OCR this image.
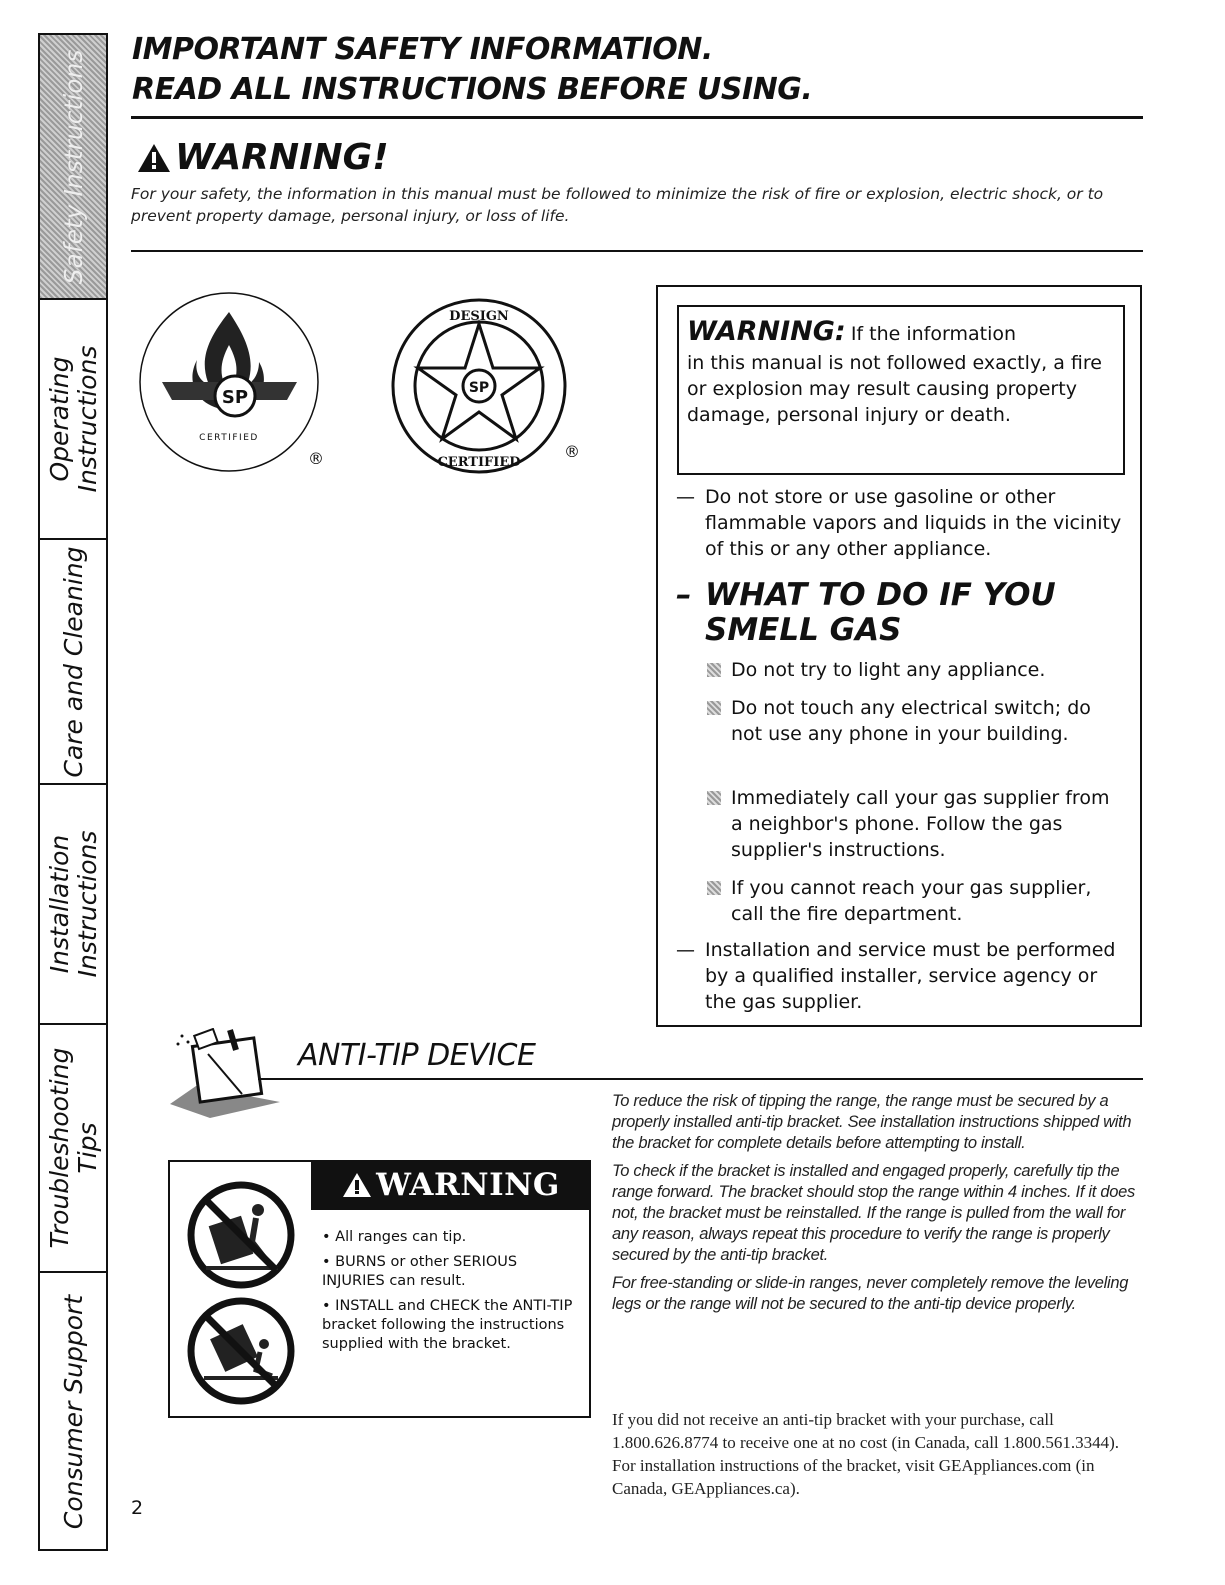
Safety Instructions
Operating
Instructions
Care and Cleaning
Installation
Instructions
Troubleshooting
Tips
Consumer Support
IMPORTANT SAFETY INFORMATION.
READ ALL INSTRUCTIONS BEFORE USING.
WARNING!
For your safety, the information in this manual must be followed to minimize the risk of fire or explosion, electric shock, or to prevent property damage, personal injury, or loss of life.
SP
CERTIFIED
®
SP
DESIGN
CERTIFIED
®
WARNING: If the information
in this manual is not followed exactly, a fire or explosion may result causing property damage, personal injury or death.
— Do not store or use gasoline or other flammable vapors and liquids in the vicinity of this or any other appliance.
– WHAT TO DO IF YOU SMELL GAS
Do not try to light any appliance.
Do not touch any electrical switch; do not use any phone in your building.
Immediately call your gas supplier from a neighbor's phone. Follow the gas supplier's instructions.
If you cannot reach your gas supplier, call the fire department.
— Installation and service must be performed by a qualified installer, service agency or the gas supplier.
ANTI-TIP DEVICE
WARNING
• All ranges can tip.
• BURNS or other SERIOUS INJURIES can result.
• INSTALL and CHECK the ANTI-TIP bracket following the instructions supplied with the bracket.

To reduce the risk of tipping the range, the range must be secured by a properly installed anti-tip bracket. See installation instructions shipped with the bracket for complete details before attempting to install.

To check if the bracket is installed and engaged properly, carefully tip the range forward. The bracket should stop the range within 4 inches. If it does not, the bracket must be reinstalled. If the range is pulled from the wall for any reason, always repeat this procedure to verify the range is properly secured by the anti-tip bracket.

For free-standing or slide-in ranges, never completely remove the leveling legs or the range will not be secured to the anti-tip device properly.

If you did not receive an anti-tip bracket with your purchase, call 1.800.626.8774 to receive one at no cost (in Canada, call 1.800.561.3344). For installation instructions of the bracket, visit GEAppliances.com (in Canada, GEAppliances.ca).
2
